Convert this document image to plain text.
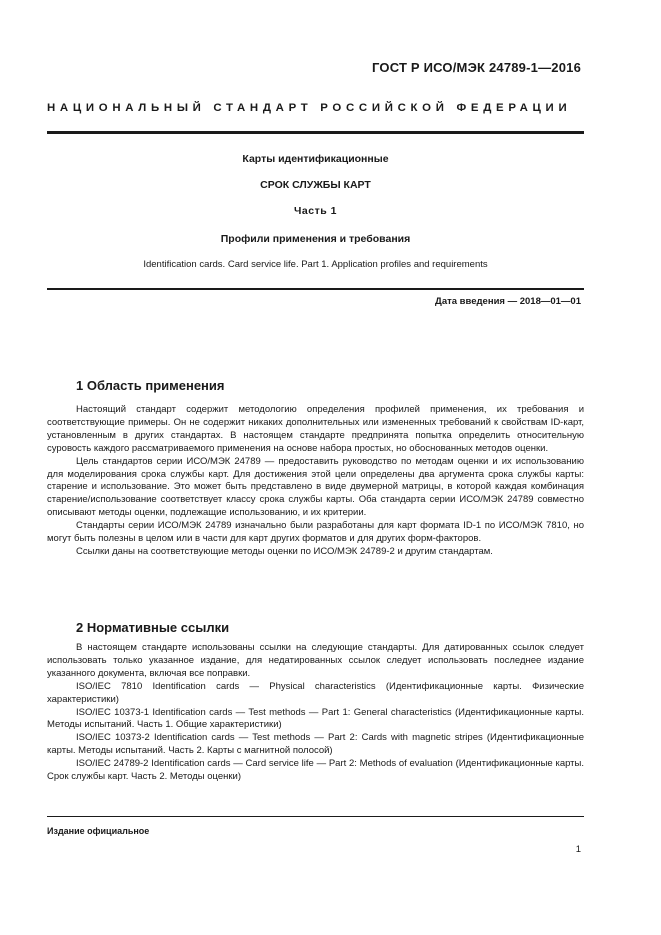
ГОСТ Р ИСО/МЭК 24789-1—2016
НАЦИОНАЛЬНЫЙ СТАНДАРТ РОССИЙСКОЙ ФЕДЕРАЦИИ
Карты идентификационные
СРОК СЛУЖБЫ КАРТ
Часть 1
Профили применения и требования
Identification cards. Card service life. Part 1. Application profiles and requirements
Дата введения — 2018—01—01
1 Область применения

Настоящий стандарт содержит методологию определения профилей применения, их требования и соответствующие примеры. Он не содержит никаких дополнительных или измененных требований к свойствам ID-карт, установленным в других стандартах. В настоящем стандарте предпринята попытка определить относительную суровость каждого рассматриваемого применения на основе набора простых, но обоснованных методов оценки.

Цель стандартов серии ИСО/МЭК 24789 — предоставить руководство по методам оценки и их использованию для моделирования срока службы карт. Для достижения этой цели определены два аргумента срока службы карты: старение и использование. Это может быть представлено в виде двумерной матрицы, в которой каждая комбинация старение/использование соответствует классу срока службы карты. Оба стандарта серии ИСО/МЭК 24789 совместно описывают методы оценки, подлежащие использованию, и их критерии.

Стандарты серии ИСО/МЭК 24789 изначально были разработаны для карт формата ID-1 по ИСО/МЭК 7810, но могут быть полезны в целом или в части для карт других форматов и для других форм-факторов.

Ссылки даны на соответствующие методы оценки по ИСО/МЭК 24789-2 и другим стандартам.

2 Нормативные ссылки

В настоящем стандарте использованы ссылки на следующие стандарты. Для датированных ссылок следует использовать только указанное издание, для недатированных ссылок следует использовать последнее издание указанного документа, включая все поправки.

ISO/IEC 7810 Identification cards — Physical characteristics (Идентификационные карты. Физические характеристики)

ISO/IEC 10373-1 Identification cards — Test methods — Part 1: General characteristics (Идентификационные карты. Методы испытаний. Часть 1. Общие характеристики)

ISO/IEC 10373-2 Identification cards — Test methods — Part 2: Cards with magnetic stripes (Идентификационные карты. Методы испытаний. Часть 2. Карты с магнитной полосой)

ISO/IEC 24789-2 Identification cards — Card service life — Part 2: Methods of evaluation (Идентификационные карты. Срок службы карт. Часть 2. Методы оценки)

Издание официальное
1
